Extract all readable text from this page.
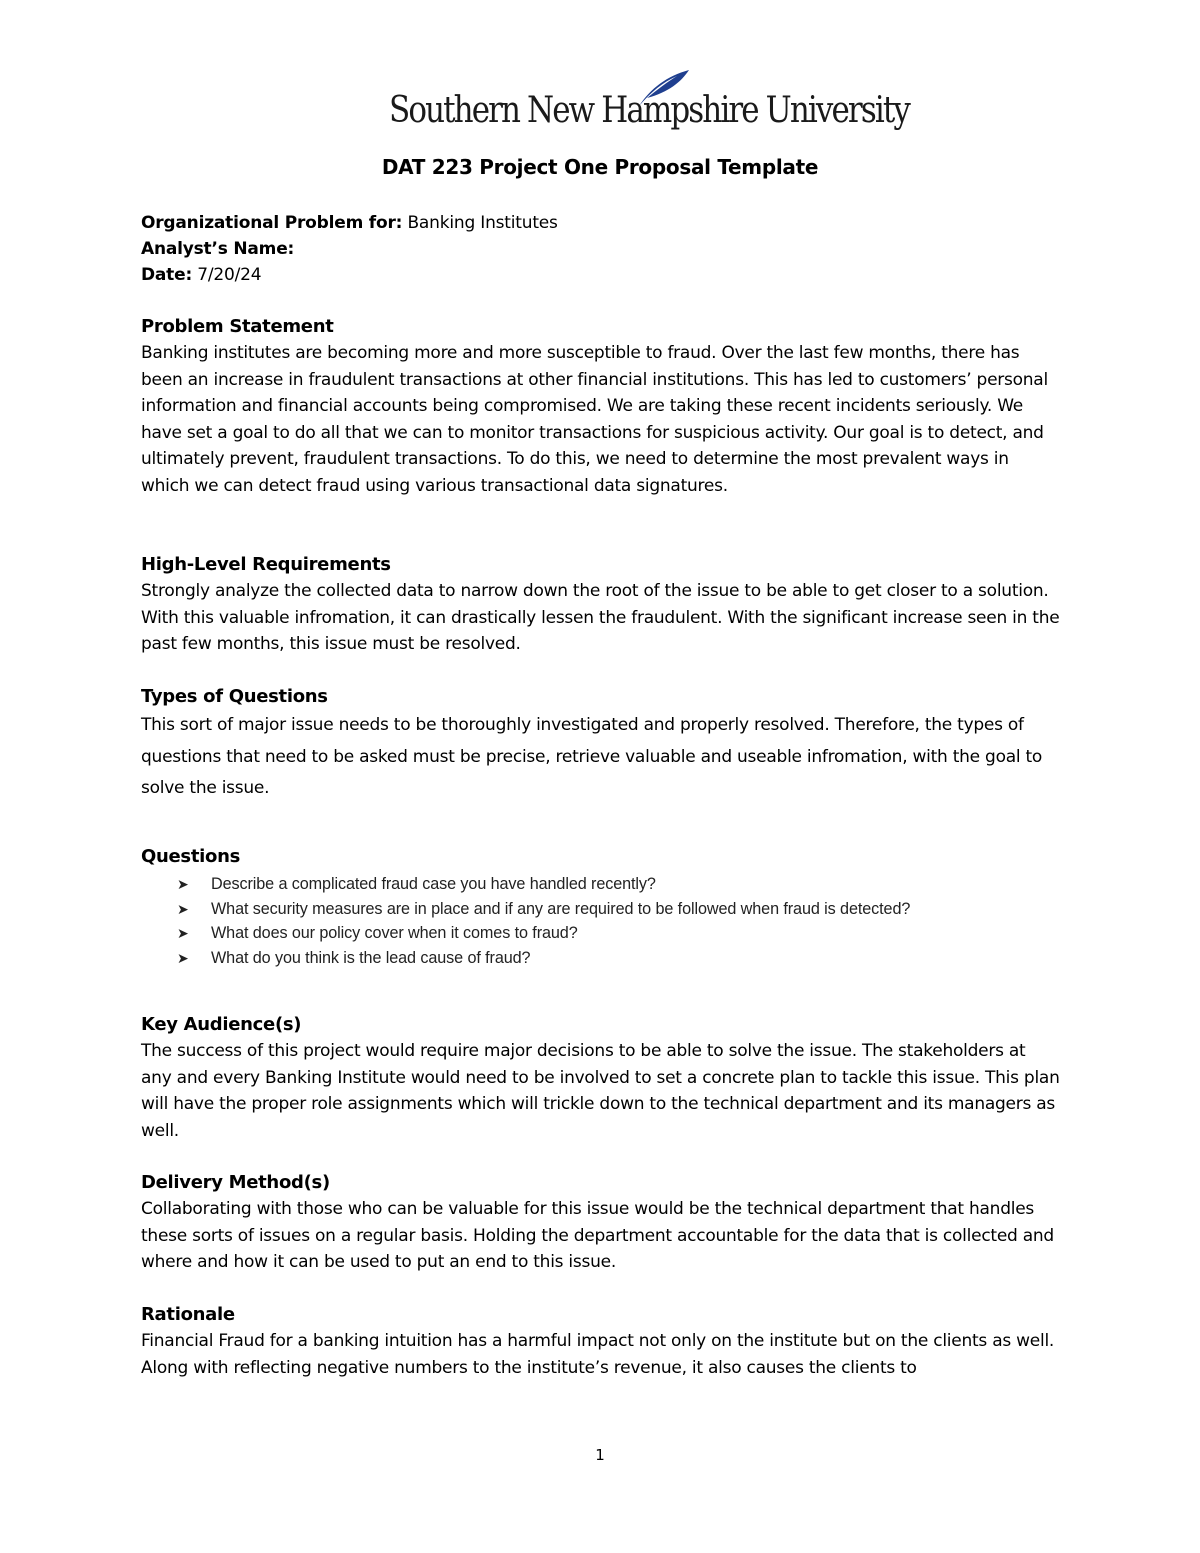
Southern New Hampshire University
DAT 223 Project One Proposal Template
Organizational Problem for: Banking Institutes
Analyst’s Name:
Date: 7/20/24
Problem Statement

Banking institutes are becoming more and more susceptible to fraud. Over the last few months, there has been an increase in fraudulent transactions at other financial institutions. This has led to customers’ personal information and financial accounts being compromised. We are taking these recent incidents seriously. We have set a goal to do all that we can to monitor transactions for suspicious activity. Our goal is to detect, and ultimately prevent, fraudulent transactions. To do this, we need to determine the most prevalent ways in which we can detect fraud using various transactional data signatures.

High-Level Requirements

Strongly analyze the collected data to narrow down the root of the issue to be able to get closer to a solution. With this valuable infromation, it can drastically lessen the fraudulent. With the significant increase seen in the past few months, this issue must be resolved.

Types of Questions

This sort of major issue needs to be thoroughly investigated and properly resolved. Therefore, the types of questions that need to be asked must be precise, retrieve valuable and useable infromation, with the goal to solve the issue.

Questions
➤ Describe a complicated fraud case you have handled recently?
➤ What security measures are in place and if any are required to be followed when fraud is detected?
➤ What does our policy cover when it comes to fraud?
➤ What do you think is the lead cause of fraud?
Key Audience(s)

The success of this project would require major decisions to be able to solve the issue. The stakeholders at any and every Banking Institute would need to be involved to set a concrete plan to tackle this issue. This plan will have the proper role assignments which will trickle down to the technical department and its managers as well.

Delivery Method(s)

Collaborating with those who can be valuable for this issue would be the technical department that handles these sorts of issues on a regular basis. Holding the department accountable for the data that is collected and where and how it can be used to put an end to this issue.

Rationale

Financial Fraud for a banking intuition has a harmful impact not only on the institute but on the clients as well. Along with reflecting negative numbers to the institute’s revenue, it also causes the clients to

1
